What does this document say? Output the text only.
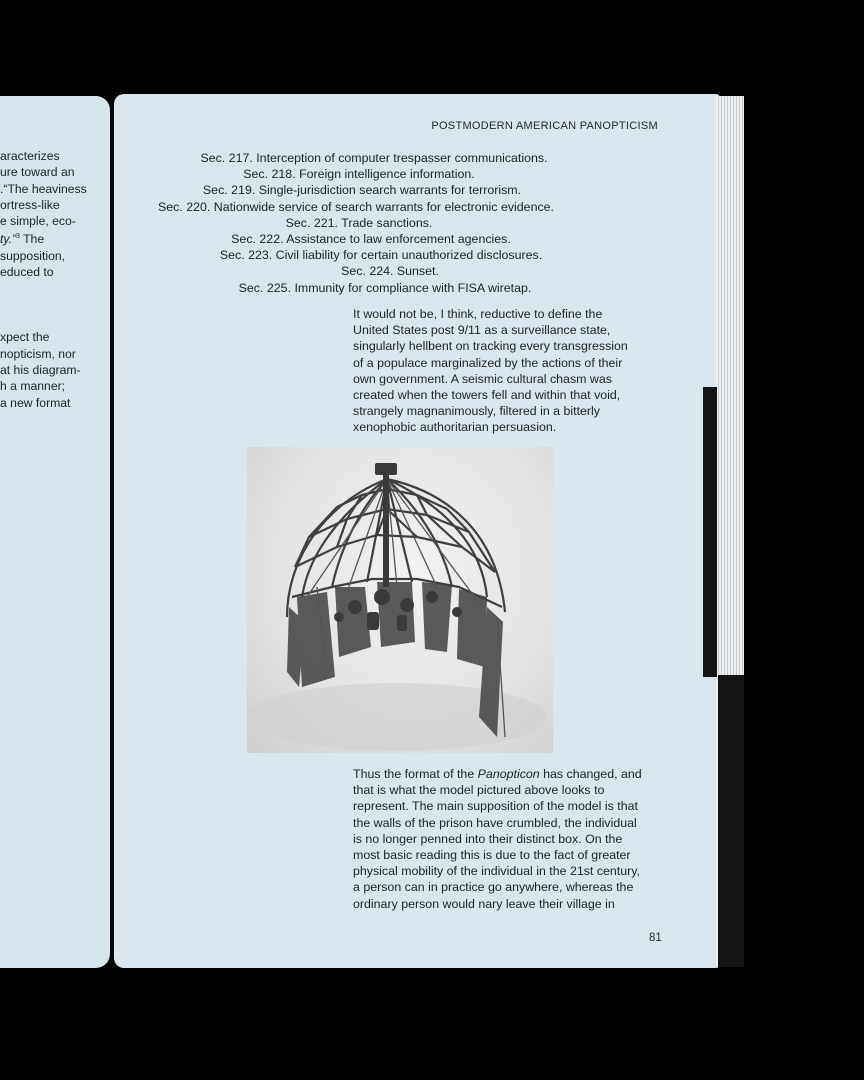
aracterizes
ure toward an
.“The heaviness
ortress-like
e simple, eco-
ty.”$^3$ The
supposition,
educed to
xpect the
nopticism, nor
at his diagram-
h a manner;
a new format
POSTMODERN AMERICAN PANOPTICISM
Sec. 217. Interception of computer trespasser communications.
Sec. 218. Foreign intelligence information.
Sec. 219. Single-jurisdiction search warrants for terrorism.
Sec. 220. Nationwide service of search warrants for electronic evidence.
Sec. 221. Trade sanctions.
Sec. 222. Assistance to law enforcement agencies.
Sec. 223. Civil liability for certain unauthorized disclosures.
Sec. 224. Sunset.
Sec. 225. Immunity for compliance with FISA wiretap.
It would not be, I think, reductive to define the
United States post 9/11 as a surveillance state,
singularly hellbent on tracking every transgression
of a populace marginalized by the actions of their
own government. A seismic cultural chasm was
created when the towers fell and within that void,
strangely magnanimously, filtered in a bitterly
xenophobic authoritarian persuasion.
Thus the format of the Panopticon has changed, and
that is what the model pictured above looks to
represent. The main supposition of the model is that
the walls of the prison have crumbled, the individual
is no longer penned into their distinct box. On the
most basic reading this is due to the fact of greater
physical mobility of the individual in the 21st century,
a person can in practice go anywhere, whereas the
ordinary person would nary leave their village in
81
